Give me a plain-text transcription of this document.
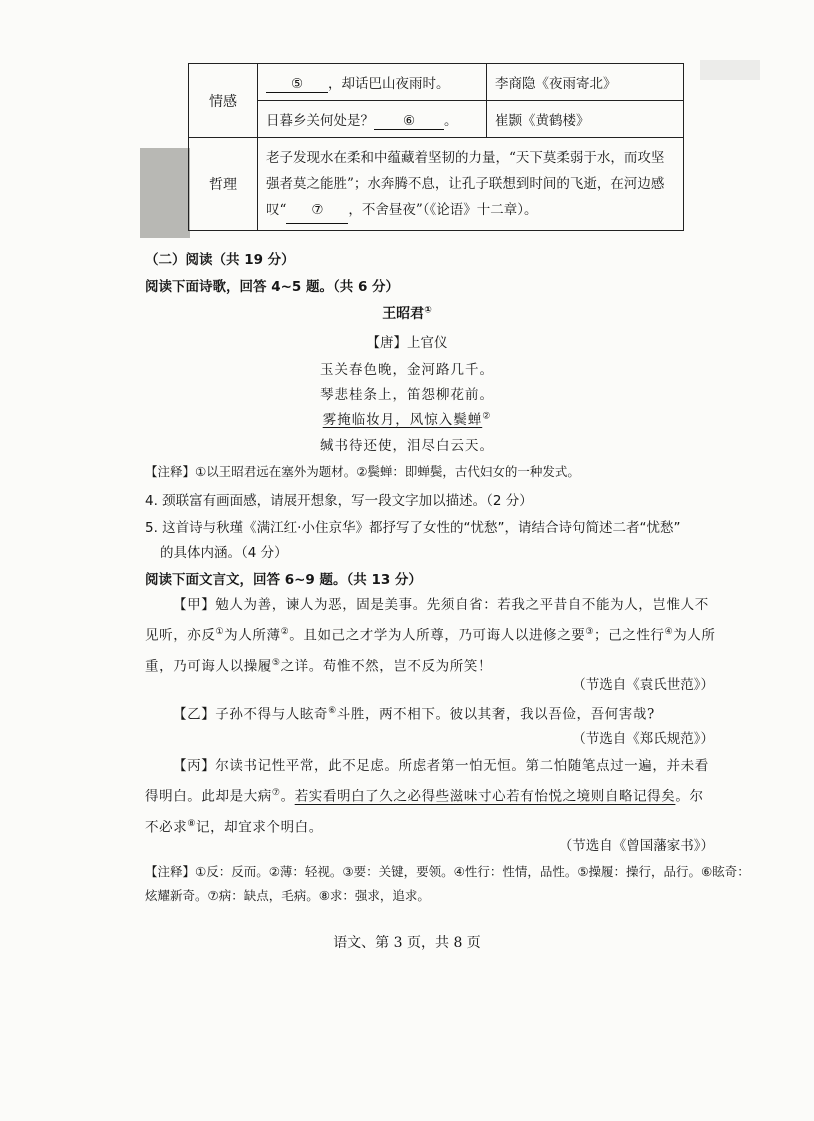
情感	⑤ ，却话巴山夜雨时。	李商隐《夜雨寄北》
	日暮乡关何处是？ ⑥ 。	崔颢《黄鹤楼》
哲理	老子发现水在柔和中蕴藏着坚韧的力量，“天下莫柔弱于水，而攻坚强者莫之能胜”；水奔腾不息，让孔子联想到时间的飞逝，在河边感叹“ ⑦ ，不舍昼夜”（《论语》十二章）。	
（二）阅读（共 19 分）
阅读下面诗歌，回答 4~5 题。（共 6 分）
王昭君①
【唐】上官仪
玉关春色晚，金河路几千。
琴悲桂条上，笛怨柳花前。
雾掩临妆月，风惊入鬓蝉②
缄书待还使，泪尽白云天。
【注释】①以王昭君远在塞外为题材。②鬓蝉：即蝉鬓，古代妇女的一种发式。
4. 颈联富有画面感，请展开想象，写一段文字加以描述。（2 分）
5. 这首诗与秋瑾《满江红·小住京华》都抒写了女性的“忧愁”，请结合诗句简述二者“忧愁”
的具体内涵。（4 分）
阅读下面文言文，回答 6~9 题。（共 13 分）
【甲】勉人为善，谏人为恶，固是美事。先须自省：若我之平昔自不能为人，岂惟人不见听，亦反①为人所薄②。且如己之才学为人所尊，乃可诲人以进修之要③；己之性行④为人所重，乃可诲人以操履⑤之详。苟惟不然，岂不反为所笑！
（节选自《袁氏世范》）
【乙】子孙不得与人眩奇⑥斗胜，两不相下。彼以其奢，我以吾俭，吾何害哉?
（节选自《郑氏规范》）
【丙】尔读书记性平常，此不足虑。所虑者第一怕无恒。第二怕随笔点过一遍，并未看得明白。此却是大病⑦。若实看明白了久之必得些滋味寸心若有怡悦之境则自略记得矣。尔不必求⑧记，却宜求个明白。
（节选自《曾国藩家书》）
【注释】①反：反而。②薄：轻视。③要：关键，要领。④性行：性情，品性。⑤操履：操行，品行。⑥眩奇：
炫耀新奇。⑦病：缺点，毛病。⑧求：强求，追求。
语文、第 3 页，共 8 页
